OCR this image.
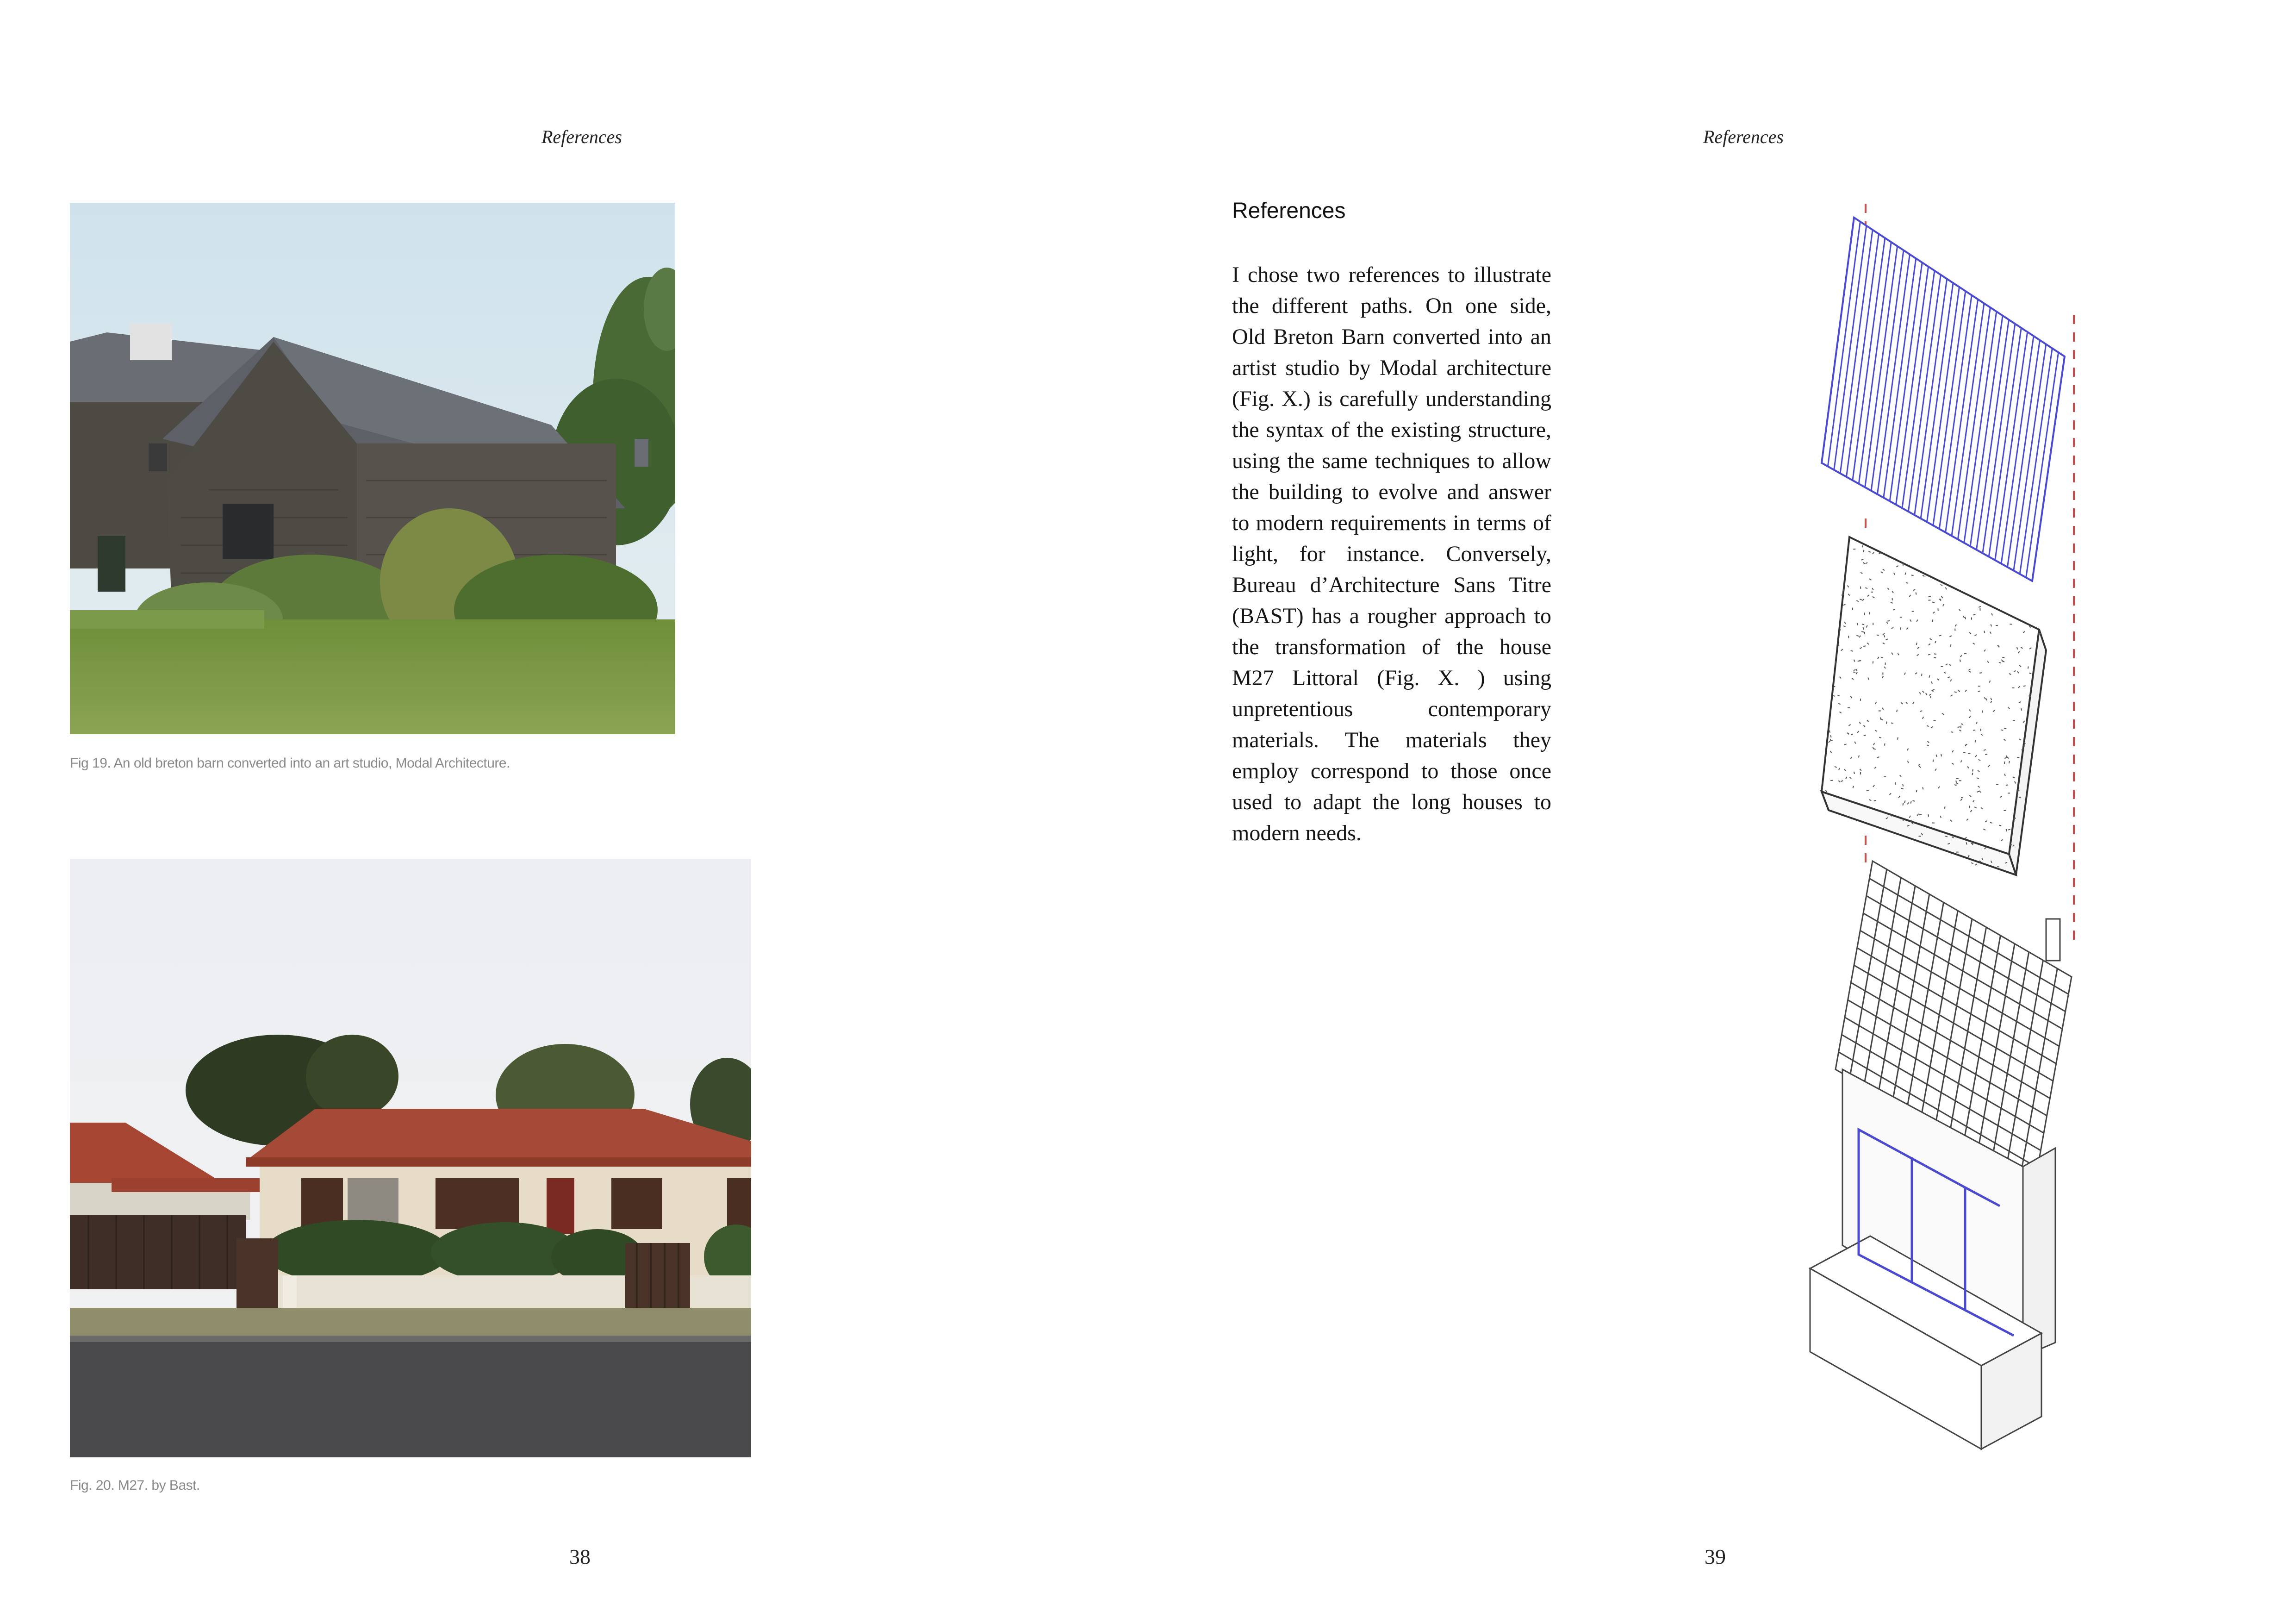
References
Fig 19. An old breton barn converted into an art studio, Modal Architecture.
Fig. 20. M27. by Bast.
38
References
References

I chose two references to illustrate the different paths. On one side, Old Breton Barn converted into an artist studio by Modal architecture (Fig. X.) is carefully understanding the syntax of the existing structure, using the same techniques to allow the building to evolve and answer to modern requirements in terms of light, for instance. Conversely, Bureau d’Architecture Sans Titre (BAST) has a rougher approach to the transformation of the house M27 Littoral (Fig. X. ) using unpretentious contemporary materials. The materials they employ correspond to those once used to adapt the long houses to modern needs.

39
